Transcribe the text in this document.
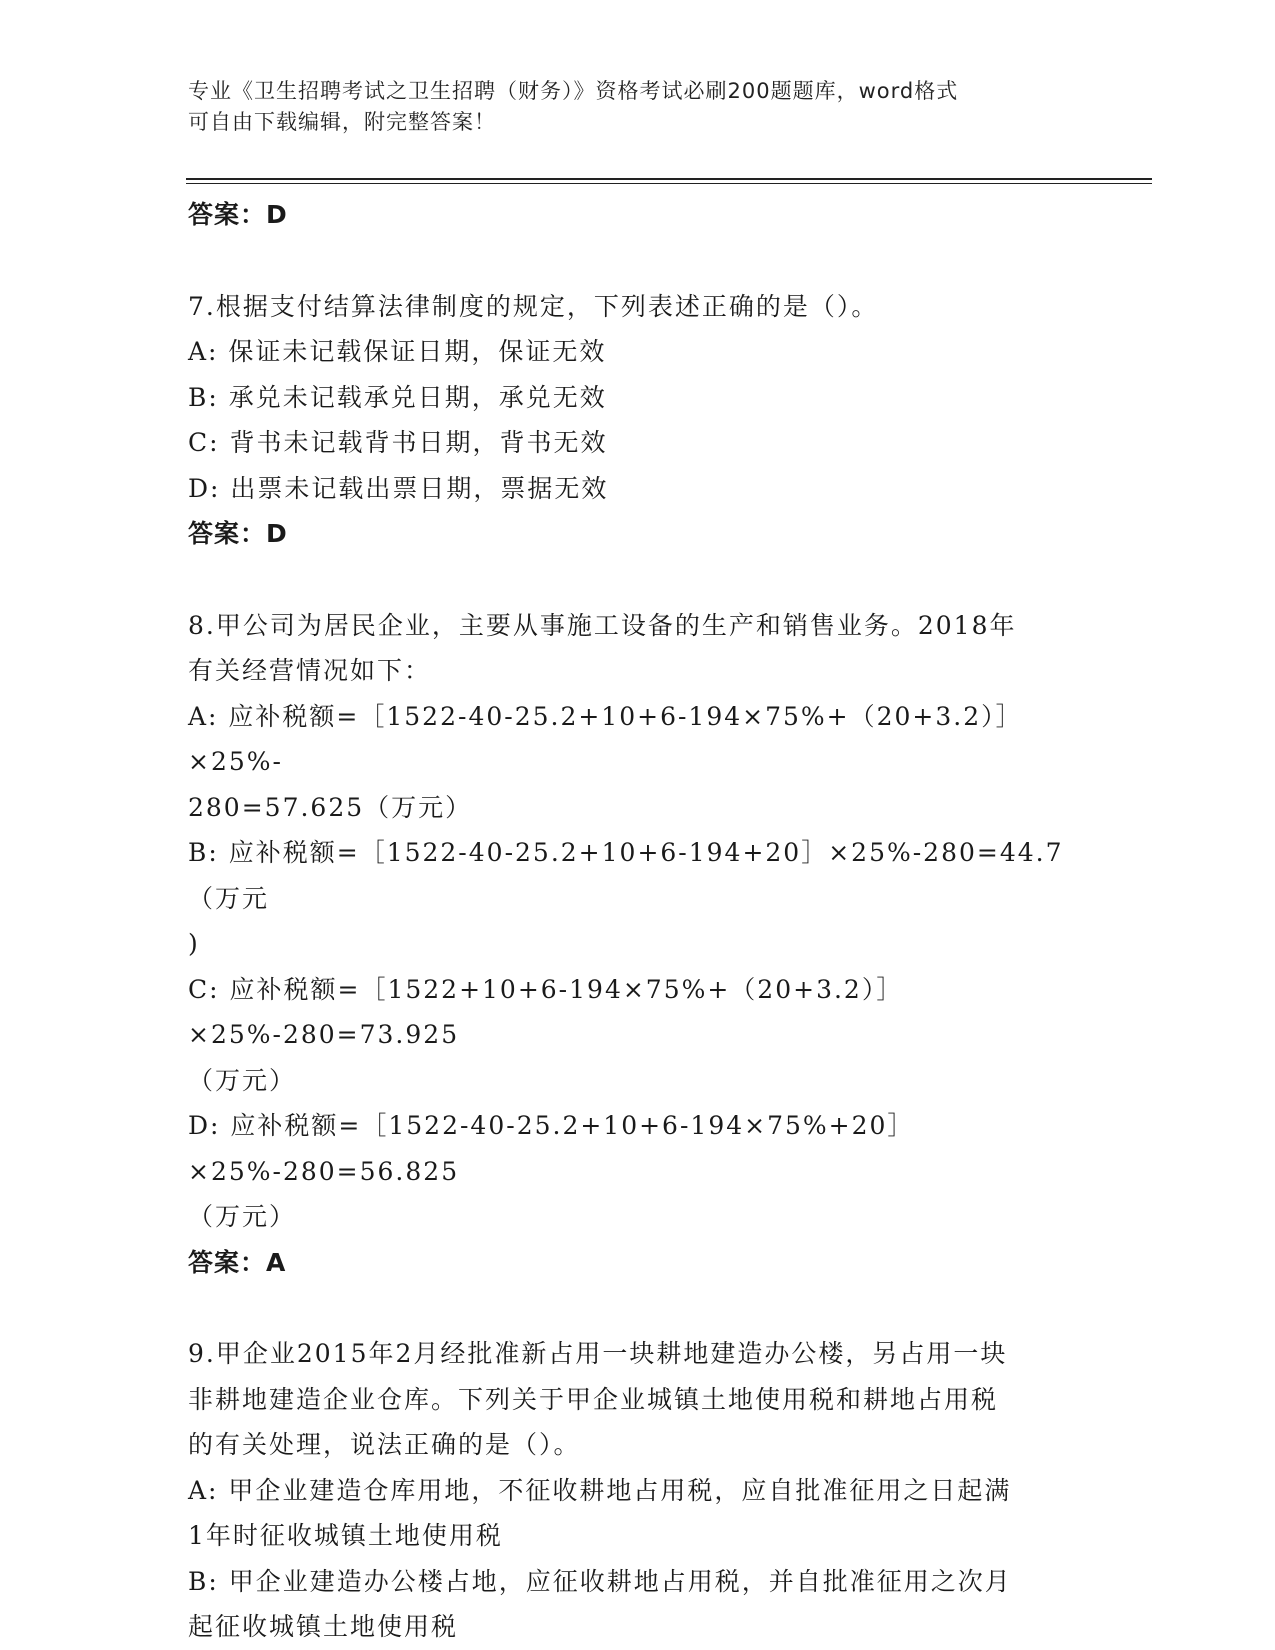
专业《卫生招聘考试之卫生招聘（财务）》资格考试必刷200题题库，word格式
可自由下载编辑，附完整答案！
答案：D
7.根据支付结算法律制度的规定，下列表述正确的是（）。
A: 保证未记载保证日期，保证无效
B: 承兑未记载承兑日期，承兑无效
C: 背书未记载背书日期，背书无效
D: 出票未记载出票日期，票据无效
答案：D
8.甲公司为居民企业，主要从事施工设备的生产和销售业务。2018年
有关经营情况如下：
A: 应补税额=［1522-40-25.2+10+6-194×75%+（20+3.2）］×25%-
280=57.625（万元）
B: 应补税额=［1522-40-25.2+10+6-194+20］×25%-280=44.7（万元
)
C: 应补税额=［1522+10+6-194×75%+（20+3.2）］×25%-280=73.925
（万元）
D: 应补税额=［1522-40-25.2+10+6-194×75%+20］×25%-280=56.825
（万元）
答案：A
9.甲企业2015年2月经批准新占用一块耕地建造办公楼，另占用一块
非耕地建造企业仓库。下列关于甲企业城镇土地使用税和耕地占用税
的有关处理，说法正确的是（）。
A: 甲企业建造仓库用地，不征收耕地占用税，应自批准征用之日起满
1年时征收城镇土地使用税
B: 甲企业建造办公楼占地，应征收耕地占用税，并自批准征用之次月
起征收城镇土地使用税
